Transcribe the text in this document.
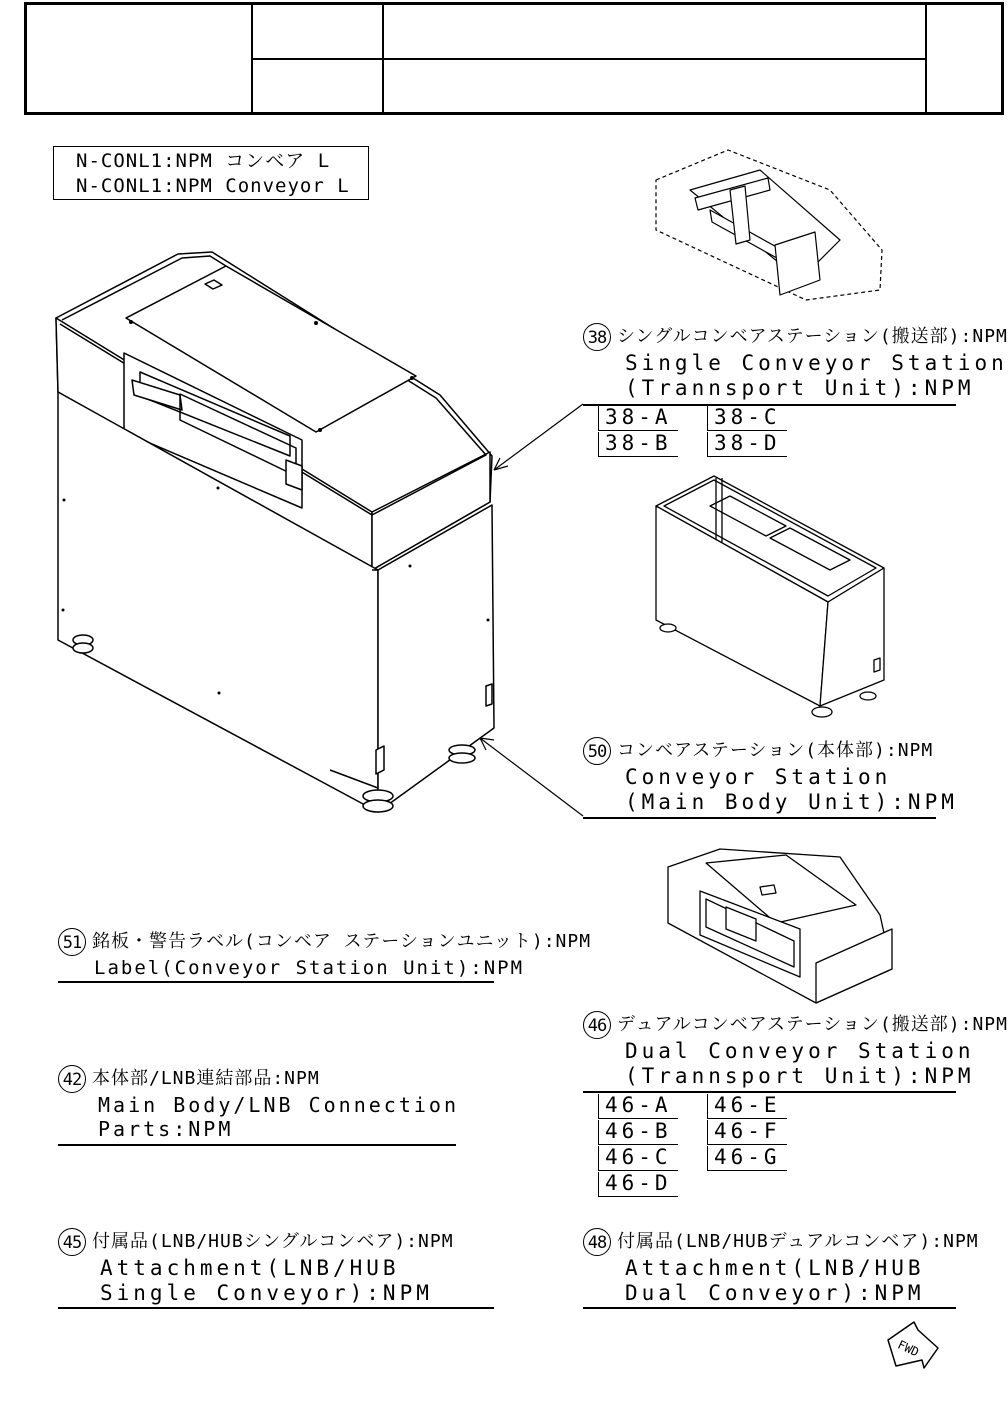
N-CONL1:NPM コンベア L
N-CONL1:NPM Conveyor L
FWD
38 シングルコンベアステーション(搬送部):NPM
Single Conveyor Station
(Trannsport Unit):NPM
38-A	38-C
38-B	38-D
50 コンベアステーション(本体部):NPM
Conveyor Station
(Main Body Unit):NPM
51 銘板・警告ラベル(コンベア ステーションユニット):NPM
Label(Conveyor Station Unit):NPM
46 デュアルコンベアステーション(搬送部):NPM
Dual Conveyor Station
(Trannsport Unit):NPM
46-A	46-E
46-B	46-F
46-C	46-G
46-D
42 本体部/LNB連結部品:NPM
Main Body/LNB Connection
Parts:NPM
45 付属品(LNB/HUBシングルコンベア):NPM
Attachment(LNB/HUB
Single Conveyor):NPM
48 付属品(LNB/HUBデュアルコンベア):NPM
Attachment(LNB/HUB
Dual Conveyor):NPM
